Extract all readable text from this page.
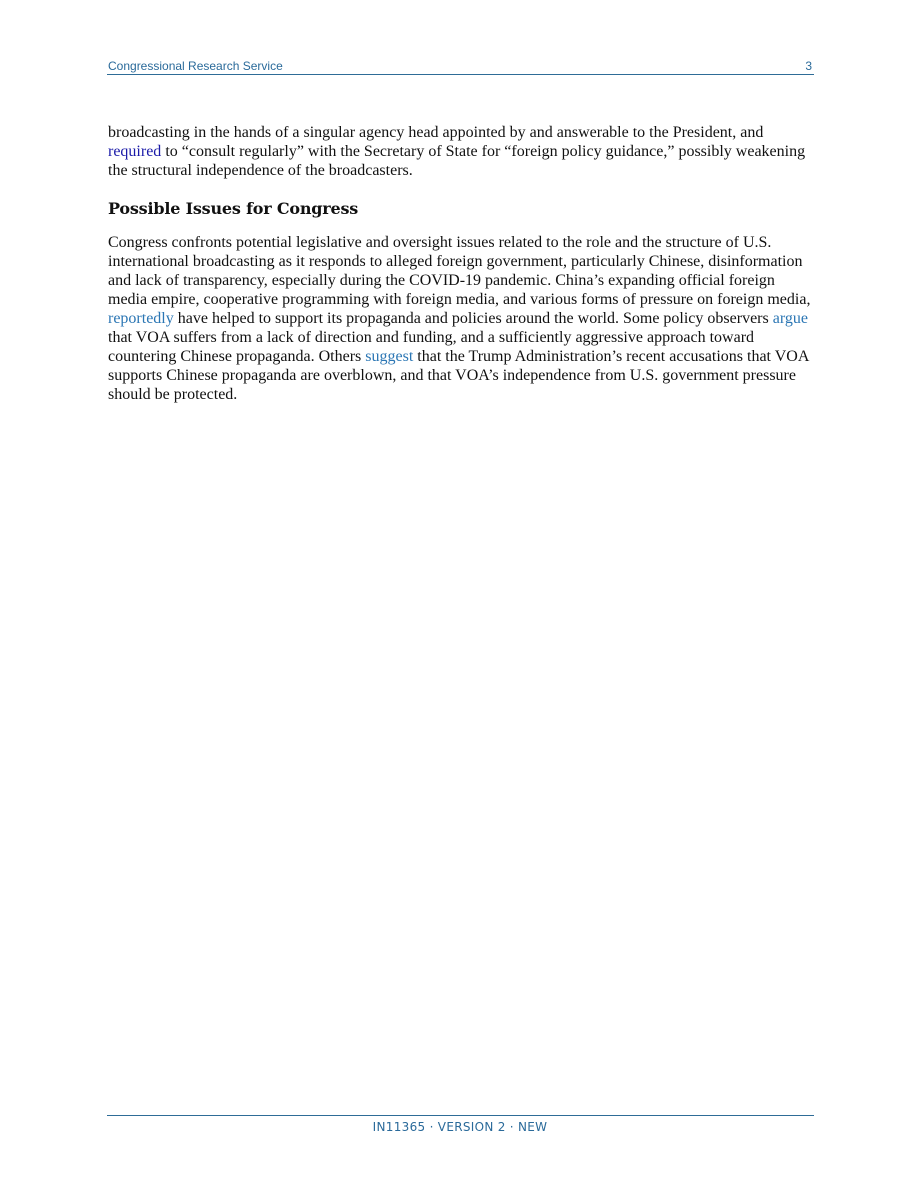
Congressional Research Service	3

broadcasting in the hands of a singular agency head appointed by and answerable to the President, and required to “consult regularly” with the Secretary of State for “foreign policy guidance,” possibly weakening the structural independence of the broadcasters.

Possible Issues for Congress

Congress confronts potential legislative and oversight issues related to the role and the structure of U.S. international broadcasting as it responds to alleged foreign government, particularly Chinese, disinformation and lack of transparency, especially during the COVID-19 pandemic. China’s expanding official foreign media empire, cooperative programming with foreign media, and various forms of pressure on foreign media, reportedly have helped to support its propaganda and policies around the world. Some policy observers argue that VOA suffers from a lack of direction and funding, and a sufficiently aggressive approach toward countering Chinese propaganda. Others suggest that the Trump Administration’s recent accusations that VOA supports Chinese propaganda are overblown, and that VOA’s independence from U.S. government pressure should be protected.

IN11365 · VERSION 2 · NEW
